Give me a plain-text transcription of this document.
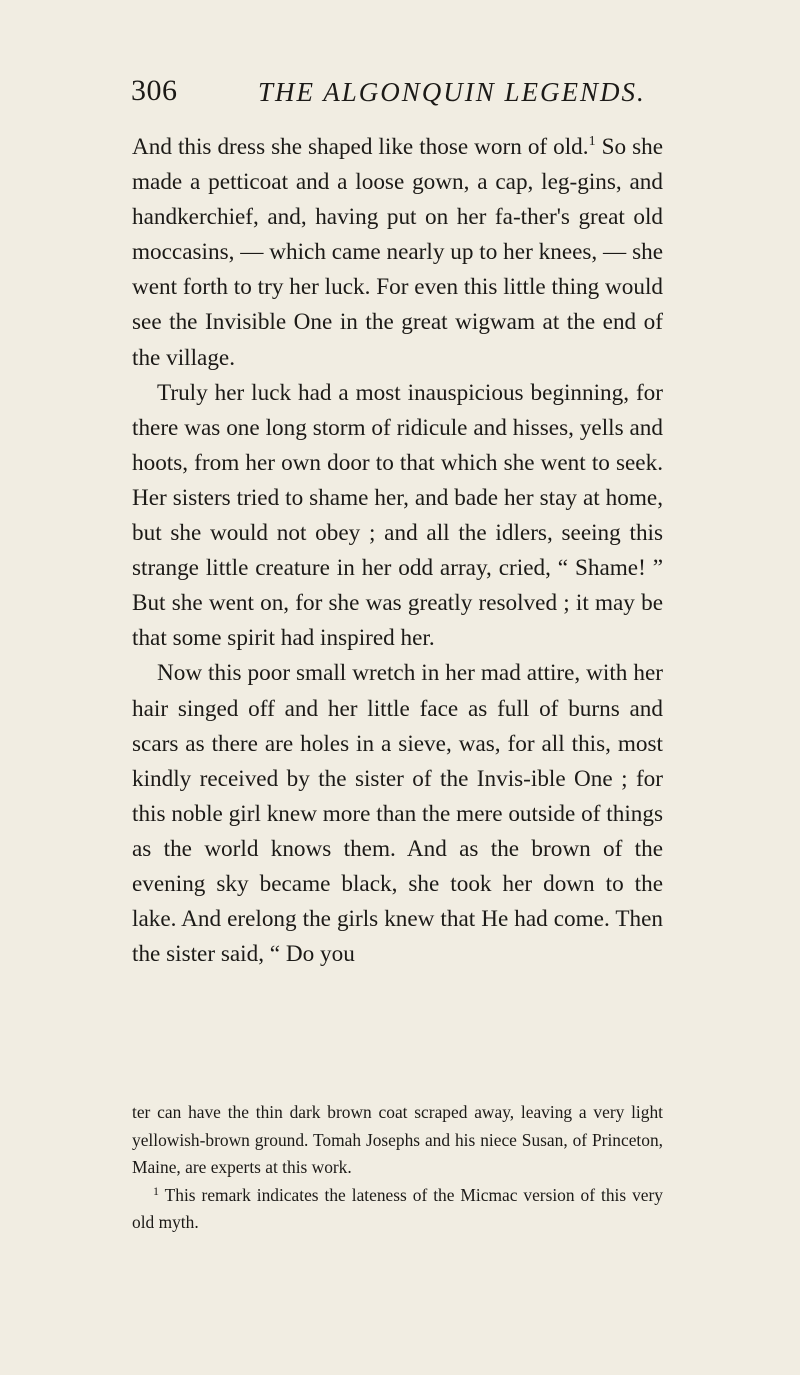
306	THE ALGONQUIN LEGENDS.

And this dress she shaped like those worn of old.$^1$ So she made a petticoat and a loose gown, a cap, leg-gins, and handkerchief, and, having put on her fa-ther's great old moccasins, — which came nearly up to her knees, — she went forth to try her luck. For even this little thing would see the Invisible One in the great wigwam at the end of the village.

Truly her luck had a most inauspicious beginning, for there was one long storm of ridicule and hisses, yells and hoots, from her own door to that which she went to seek. Her sisters tried to shame her, and bade her stay at home, but she would not obey ; and all the idlers, seeing this strange little creature in her odd array, cried, “ Shame! ” But she went on, for she was greatly resolved ; it may be that some spirit had inspired her.

Now this poor small wretch in her mad attire, with her hair singed off and her little face as full of burns and scars as there are holes in a sieve, was, for all this, most kindly received by the sister of the Invis-ible One ; for this noble girl knew more than the mere outside of things as the world knows them. And as the brown of the evening sky became black, she took her down to the lake. And erelong the girls knew that He had come. Then the sister said, “ Do you

ter can have the thin dark brown coat scraped away, leaving a very light yellowish-brown ground. Tomah Josephs and his niece Susan, of Princeton, Maine, are experts at this work.

$^1$ This remark indicates the lateness of the Micmac version of this very old myth.
